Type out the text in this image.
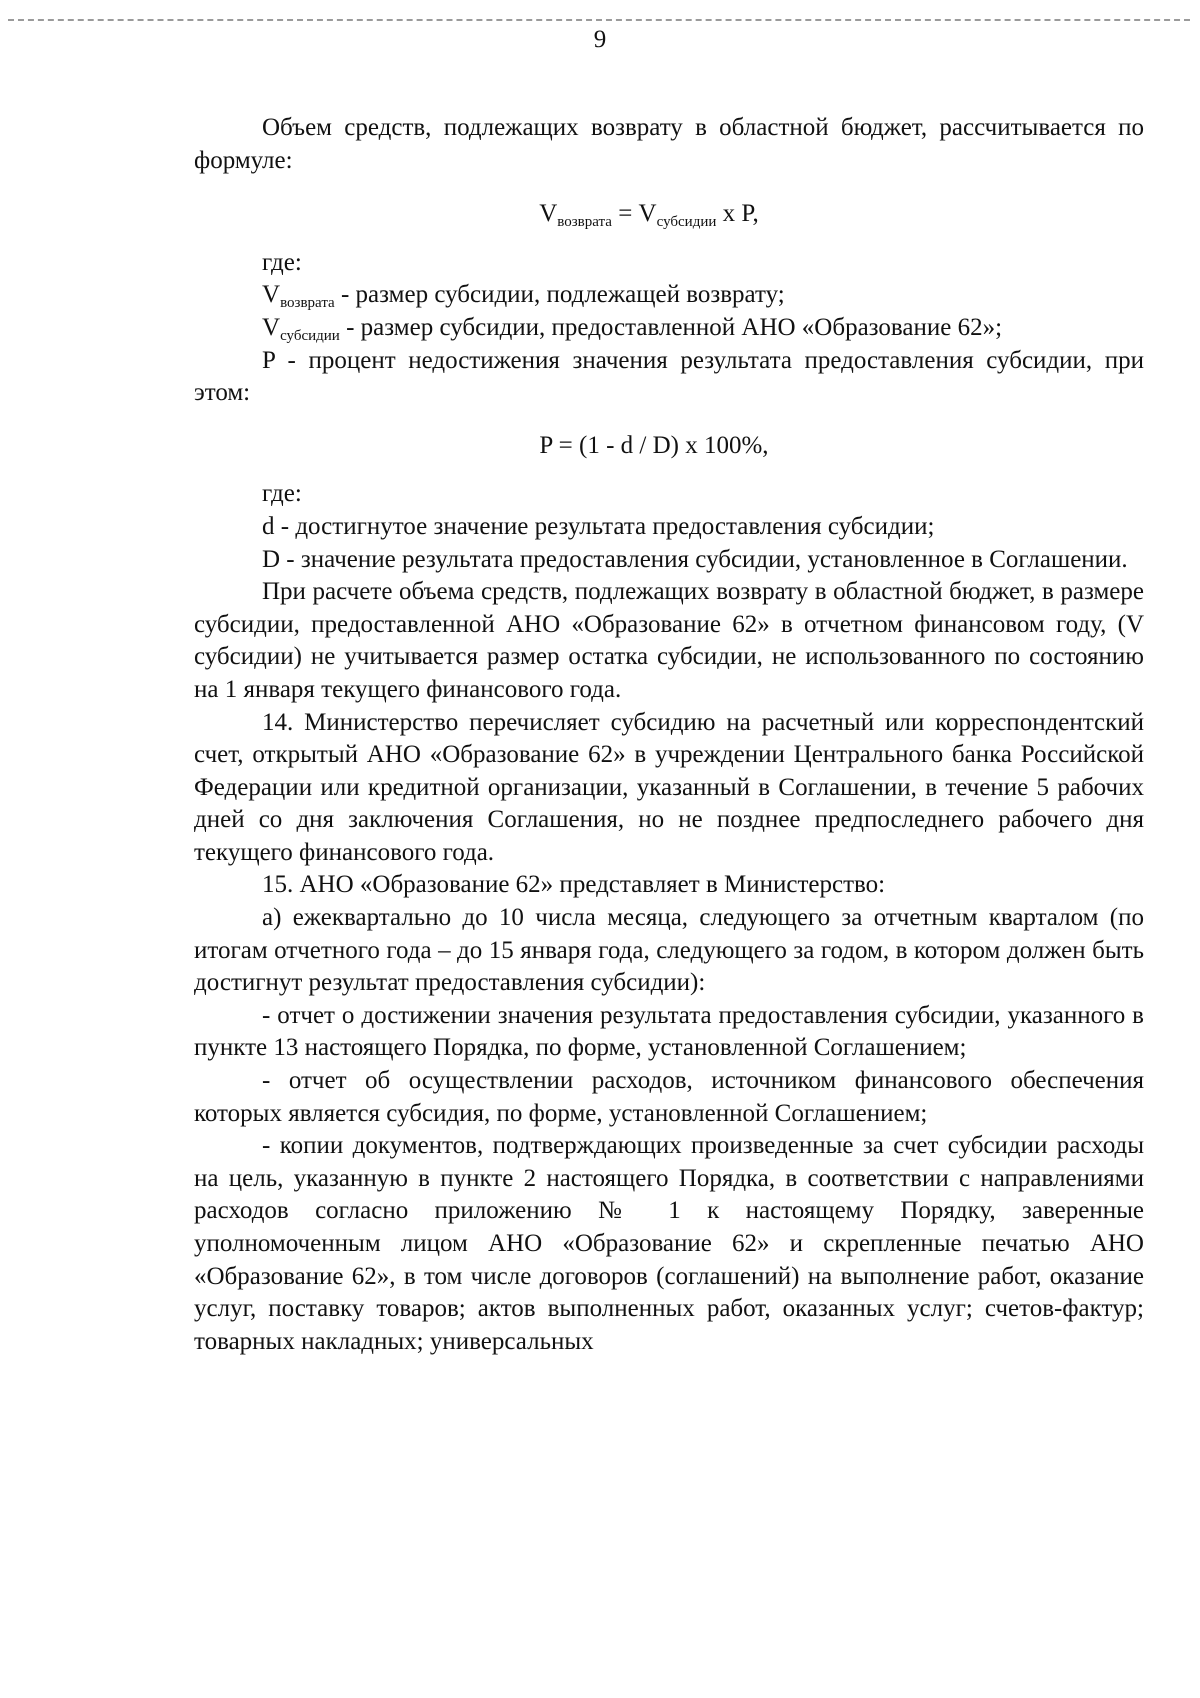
9

Объем средств, подлежащих возврату в областной бюджет, рассчитывается по формуле:

$V_{возврата} = V_{субсидии}$ x P,

где:

$V_{возврата}$ - размер субсидии, подлежащей возврату;

$V_{субсидии}$ - размер субсидии, предоставленной АНО «Образование 62»;

P - процент недостижения значения результата предоставления субсидии, при этом:

P = (1 - d / D) x 100%,

где:

d - достигнутое значение результата предоставления субсидии;

D - значение результата предоставления субсидии, установленное в Соглашении.

При расчете объема средств, подлежащих возврату в областной бюджет, в размере субсидии, предоставленной АНО «Образование 62» в отчетном финансовом году, (V субсидии) не учитывается размер остатка субсидии, не использованного по состоянию на 1 января текущего финансового года.

14. Министерство перечисляет субсидию на расчетный или корреспондентский счет, открытый АНО «Образование 62» в учреждении Центрального банка Российской Федерации или кредитной организации, указанный в Соглашении, в течение 5 рабочих дней со дня заключения Соглашения, но не позднее предпоследнего рабочего дня текущего финансового года.

15. АНО «Образование 62» представляет в Министерство:

а) ежеквартально до 10 числа месяца, следующего за отчетным кварталом (по итогам отчетного года – до 15 января года, следующего за годом, в котором должен быть достигнут результат предоставления субсидии):

- отчет о достижении значения результата предоставления субсидии, указанного в пункте 13 настоящего Порядка, по форме, установленной Соглашением;

- отчет об осуществлении расходов, источником финансового обеспечения которых является субсидия, по форме, установленной Соглашением;

- копии документов, подтверждающих произведенные за счет субсидии расходы на цель, указанную в пункте 2 настоящего Порядка, в соответствии с направлениями расходов согласно приложению № 1 к настоящему Порядку, заверенные уполномоченным лицом АНО «Образование 62» и скрепленные печатью АНО «Образование 62», в том числе договоров (соглашений) на выполнение работ, оказание услуг, поставку товаров; актов выполненных работ, оказанных услуг; счетов-фактур; товарных накладных; универсальных
